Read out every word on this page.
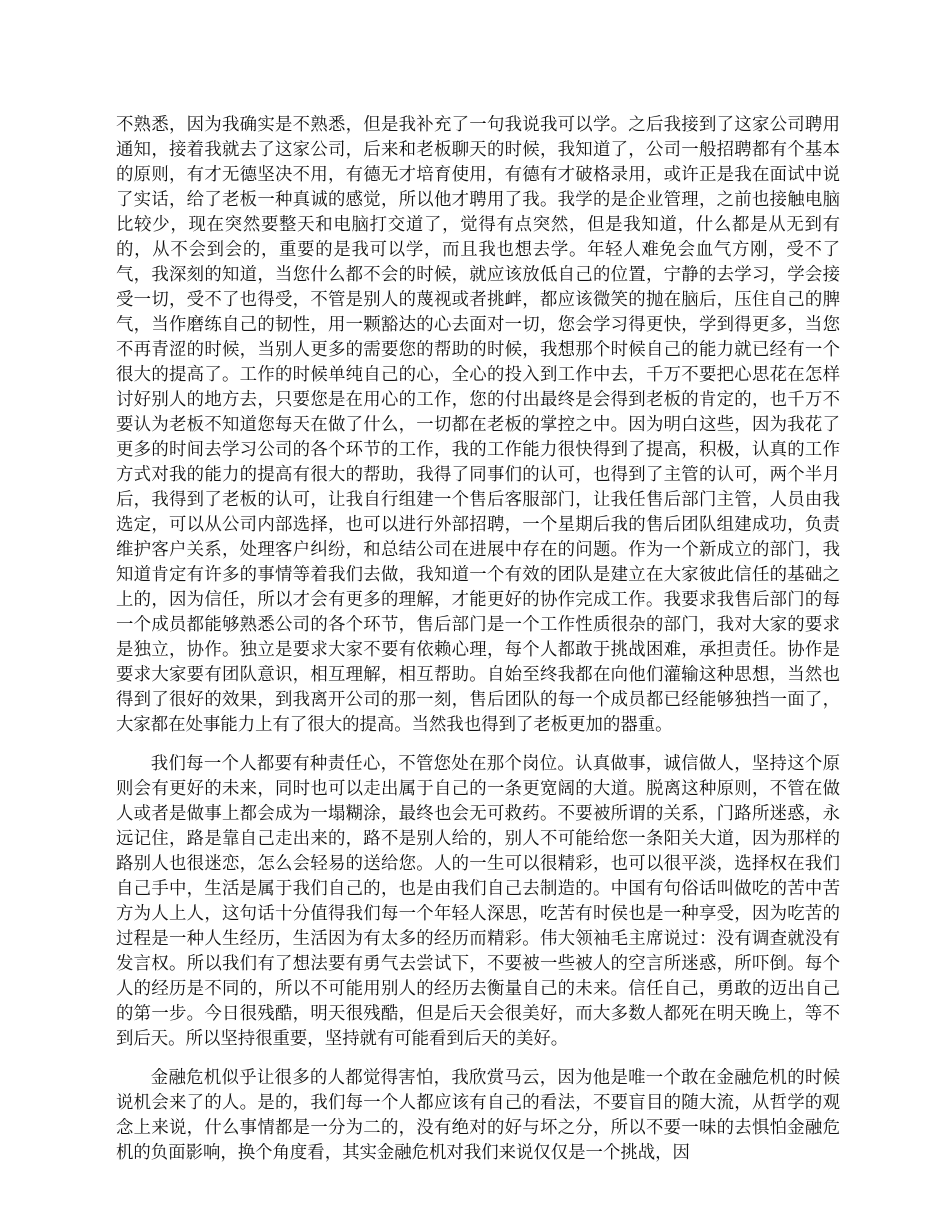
不熟悉，因为我确实是不熟悉，但是我补充了一句我说我可以学。之后我接到了这家公司聘用通知，接着我就去了这家公司，后来和老板聊天的时候，我知道了，公司一般招聘都有个基本的原则，有才无德坚决不用，有德无才培育使用，有德有才破格录用，或许正是我在面试中说了实话，给了老板一种真诚的感觉，所以他才聘用了我。我学的是企业管理，之前也接触电脑比较少，现在突然要整天和电脑打交道了，觉得有点突然，但是我知道，什么都是从无到有的，从不会到会的，重要的是我可以学，而且我也想去学。年轻人难免会血气方刚，受不了气，我深刻的知道，当您什么都不会的时候，就应该放低自己的位置，宁静的去学习，学会接受一切，受不了也得受，不管是别人的蔑视或者挑衅，都应该微笑的抛在脑后，压住自己的脾气，当作磨练自己的韧性，用一颗豁达的心去面对一切，您会学习得更快，学到得更多，当您不再青涩的时候，当别人更多的需要您的帮助的时候，我想那个时候自己的能力就已经有一个很大的提高了。工作的时候单纯自己的心，全心的投入到工作中去，千万不要把心思花在怎样讨好别人的地方去，只要您是在用心的工作，您的付出最终是会得到老板的肯定的，也千万不要认为老板不知道您每天在做了什么，一切都在老板的掌控之中。因为明白这些，因为我花了更多的时间去学习公司的各个环节的工作，我的工作能力很快得到了提高，积极，认真的工作方式对我的能力的提高有很大的帮助，我得了同事们的认可，也得到了主管的认可，两个半月后，我得到了老板的认可，让我自行组建一个售后客服部门，让我任售后部门主管，人员由我选定，可以从公司内部选择，也可以进行外部招聘，一个星期后我的售后团队组建成功，负责维护客户关系，处理客户纠纷，和总结公司在进展中存在的问题。作为一个新成立的部门，我知道肯定有许多的事情等着我们去做，我知道一个有效的团队是建立在大家彼此信任的基础之上的，因为信任，所以才会有更多的理解，才能更好的协作完成工作。我要求我售后部门的每一个成员都能够熟悉公司的各个环节，售后部门是一个工作性质很杂的部门，我对大家的要求是独立，协作。独立是要求大家不要有依赖心理，每个人都敢于挑战困难，承担责任。协作是要求大家要有团队意识，相互理解，相互帮助。自始至终我都在向他们灌输这种思想，当然也得到了很好的效果，到我离开公司的那一刻，售后团队的每一个成员都已经能够独挡一面了，大家都在处事能力上有了很大的提高。当然我也得到了老板更加的器重。

我们每一个人都要有种责任心，不管您处在那个岗位。认真做事，诚信做人，坚持这个原则会有更好的未来，同时也可以走出属于自己的一条更宽阔的大道。脱离这种原则，不管在做人或者是做事上都会成为一塌糊涂，最终也会无可救药。不要被所谓的关系，门路所迷惑，永远记住，路是靠自己走出来的，路不是别人给的，别人不可能给您一条阳关大道，因为那样的路别人也很迷恋，怎么会轻易的送给您。人的一生可以很精彩，也可以很平淡，选择权在我们自己手中，生活是属于我们自己的，也是由我们自己去制造的。中国有句俗话叫做吃的苦中苦方为人上人，这句话十分值得我们每一个年轻人深思，吃苦有时侯也是一种享受，因为吃苦的过程是一种人生经历，生活因为有太多的经历而精彩。伟大领袖毛主席说过：没有调查就没有发言权。所以我们有了想法要有勇气去尝试下，不要被一些被人的空言所迷惑，所吓倒。每个人的经历是不同的，所以不可能用别人的经历去衡量自己的未来。信任自己，勇敢的迈出自己的第一步。今日很残酷，明天很残酷，但是后天会很美好，而大多数人都死在明天晚上，等不到后天。所以坚持很重要，坚持就有可能看到后天的美好。

金融危机似乎让很多的人都觉得害怕，我欣赏马云，因为他是唯一个敢在金融危机的时候说机会来了的人。是的，我们每一个人都应该有自己的看法，不要盲目的随大流，从哲学的观念上来说，什么事情都是一分为二的，没有绝对的好与坏之分，所以不要一味的去惧怕金融危机的负面影响，换个角度看，其实金融危机对我们来说仅仅是一个挑战，因
